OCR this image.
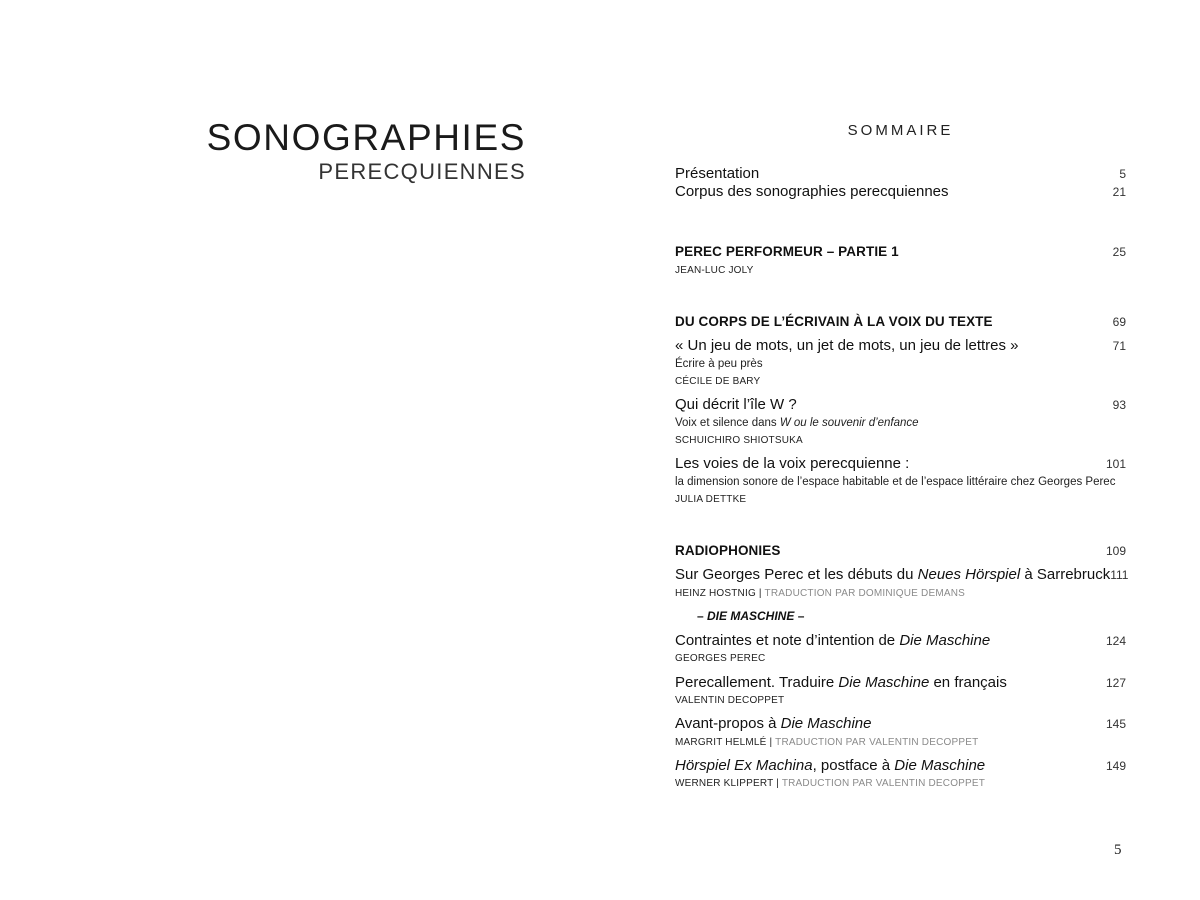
SONOGRAPHIES
PERECQUIENNES
SOMMAIRE
Présentation	5
Corpus des sonographies perecquiennes	21
PEREC PERFORMEUR – PARTIE 1	25
JEAN-LUC JOLY
DU CORPS DE L’ÉCRIVAIN À LA VOIX DU TEXTE	69
« Un jeu de mots, un jet de mots, un jeu de lettres »	71
Écrire à peu près
CÉCILE DE BARY
Qui décrit l’île W ?	93
Voix et silence dans W ou le souvenir d’enfance
SCHUICHIRO SHIOTSUKA
Les voies de la voix perecquienne :	101
la dimension sonore de l’espace habitable et de l’espace littéraire chez Georges Perec
JULIA DETTKE
RADIOPHONIES	109
Sur Georges Perec et les débuts du Neues Hörspiel à Sarrebruck 111
HEINZ HOSTNIG | TRADUCTION PAR DOMINIQUE DEMANS
– DIE MASCHINE –
Contraintes et note d’intention de Die Maschine	124
GEORGES PEREC
Perecallement. Traduire Die Maschine en français	127
VALENTIN DECOPPET
Avant-propos à Die Maschine	145
MARGRIT HELMLÉ | TRADUCTION PAR VALENTIN DECOPPET
Hörspiel Ex Machina, postface à Die Maschine	149
WERNER KLIPPERT | TRADUCTION PAR VALENTIN DECOPPET
5
